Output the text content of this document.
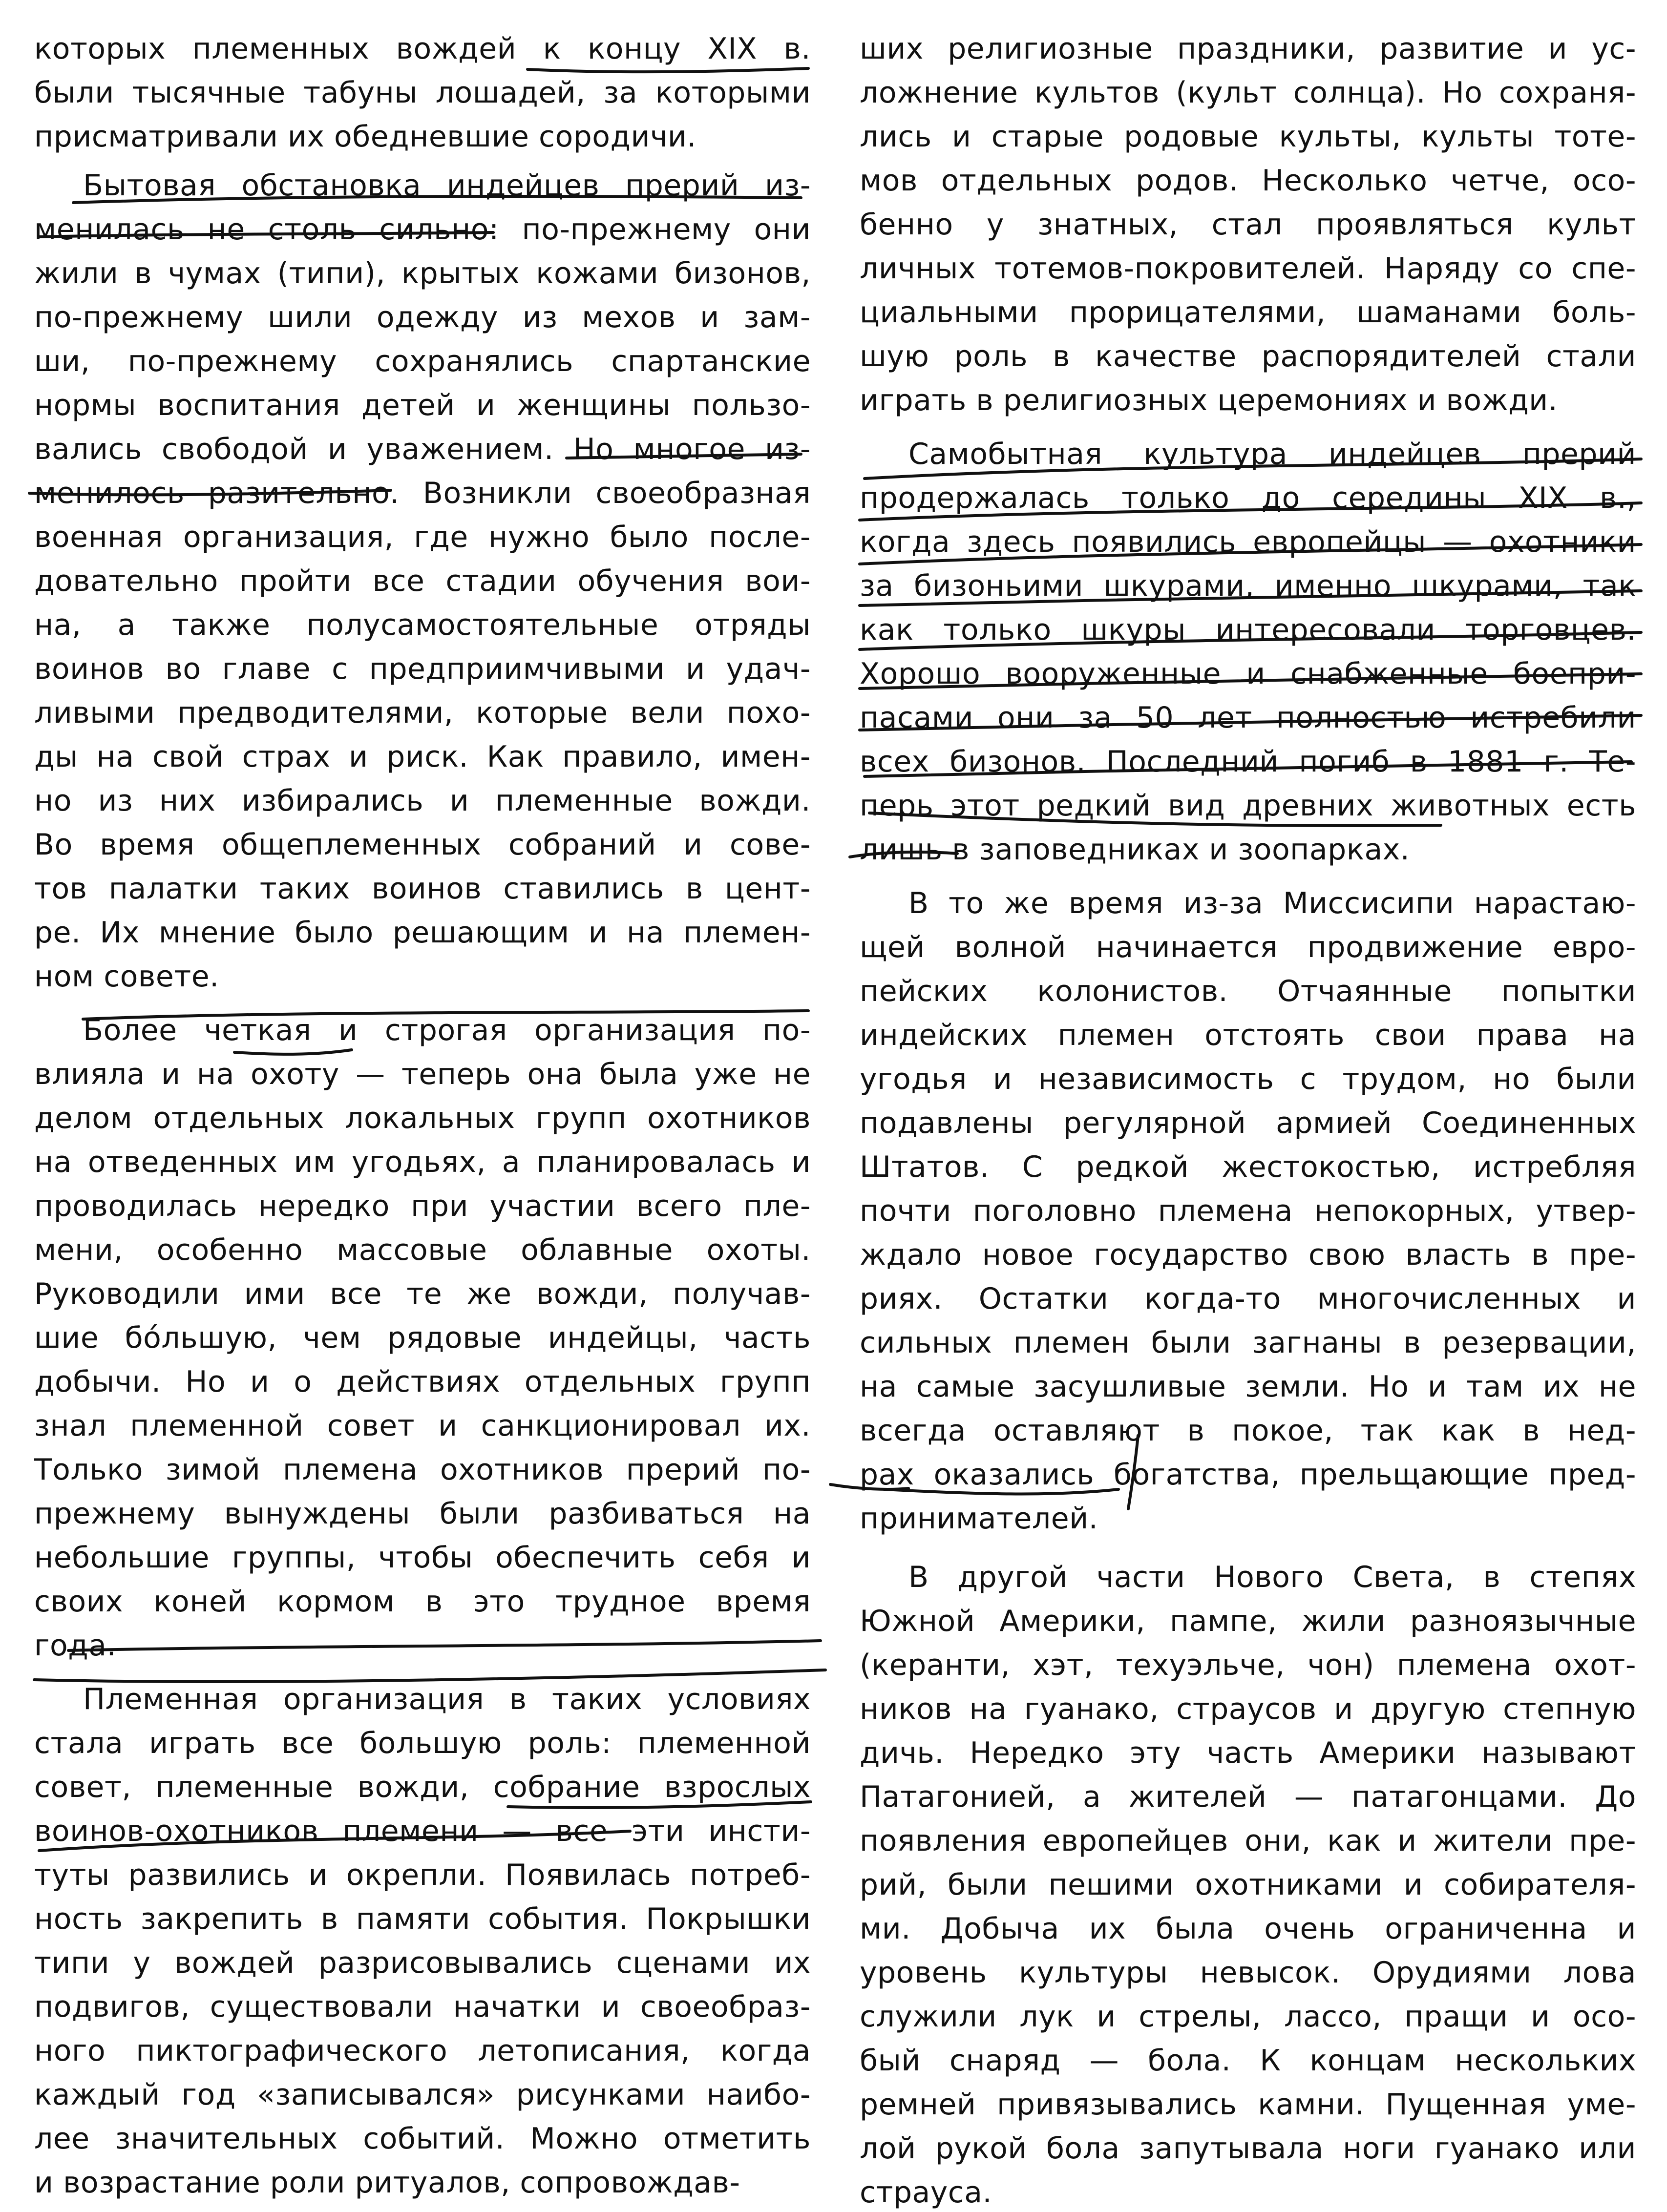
которых племенных вождей к концу XIX в.
были тысячные табуны лошадей, за которыми
присматривали их обедневшие сородичи.
Бытовая обстановка индейцев прерий из-
менилась не столь сильно: по-прежнему они
жили в чумах (типи), крытых кожами бизонов,
по-прежнему шили одежду из мехов и зам-
ши, по-прежнему сохранялись спартанские
нормы воспитания детей и женщины пользо-
вались свободой и уважением. Но многое из-
менилось разительно. Возникли своеобразная
военная организация, где нужно было после-
довательно пройти все стадии обучения вои-
на, а также полусамостоятельные отряды
воинов во главе с предприимчивыми и удач-
ливыми предводителями, которые вели похо-
ды на свой страх и риск. Как правило, имен-
но из них избирались и племенные вожди.
Во время общеплеменных собраний и сове-
тов палатки таких воинов ставились в цент-
ре. Их мнение было решающим и на племен-
ном совете.
Более четкая и строгая организация по-
влияла и на охоту — теперь она была уже не
делом отдельных локальных групп охотников
на отведенных им угодьях, а планировалась и
проводилась нередко при участии всего пле-
мени, особенно массовые облавные охоты.
Руководили ими все те же вожди, получав-
шие бо́льшую, чем рядовые индейцы, часть
добычи. Но и о действиях отдельных групп
знал племенной совет и санкционировал их.
Только зимой племена охотников прерий по-
прежнему вынуждены были разбиваться на
небольшие группы, чтобы обеспечить себя и
своих коней кормом в это трудное время
года.
Племенная организация в таких условиях
стала играть все большую роль: племенной
совет, племенные вожди, собрание взрослых
воинов-охотников племени — все эти инсти-
туты развились и окрепли. Появилась потреб-
ность закрепить в памяти события. Покрышки
типи у вождей разрисовывались сценами их
подвигов, существовали начатки и своеобраз-
ного пиктографического летописания, когда
каждый год «записывался» рисунками наибо-
лее значительных событий. Можно отметить
и возрастание роли ритуалов, сопровождав-
ших религиозные праздники, развитие и ус-
ложнение культов (культ солнца). Но сохраня-
лись и старые родовые культы, культы тоте-
мов отдельных родов. Несколько четче, осо-
бенно у знатных, стал проявляться культ
личных тотемов-покровителей. Наряду со спе-
циальными прорицателями, шаманами боль-
шую роль в качестве распорядителей стали
играть в религиозных церемониях и вожди.
Самобытная культура индейцев прерий
продержалась только до середины XIX в.,
когда здесь появились европейцы — охотники
за бизоньими шкурами, именно шкурами, так
как только шкуры интересовали торговцев.
Хорошо вооруженные и снабженные боепри-
пасами они за 50 лет полностью истребили
всех бизонов. Последний погиб в 1881 г. Те-
перь этот редкий вид древних животных есть
лишь в заповедниках и зоопарках.
В то же время из-за Миссисипи нарастаю-
щей волной начинается продвижение евро-
пейских колонистов. Отчаянные попытки
индейских племен отстоять свои права на
угодья и независимость с трудом, но были
подавлены регулярной армией Соединенных
Штатов. С редкой жестокостью, истребляя
почти поголовно племена непокорных, утвер-
ждало новое государство свою власть в пре-
риях. Остатки когда-то многочисленных и
сильных племен были загнаны в резервации,
на самые засушливые земли. Но и там их не
всегда оставляют в покое, так как в нед-
рах оказались богатства, прельщающие пред-
принимателей.
В другой части Нового Света, в степях
Южной Америки, пампе, жили разноязычные
(керанти, хэт, техуэльче, чон) племена охот-
ников на гуанако, страусов и другую степную
дичь. Нередко эту часть Америки называют
Патагонией, а жителей — патагонцами. До
появления европейцев они, как и жители пре-
рий, были пешими охотниками и собирателя-
ми. Добыча их была очень ограниченна и
уровень культуры невысок. Орудиями лова
служили лук и стрелы, лассо, пращи и осо-
бый снаряд — бола. К концам нескольких
ремней привязывались камни. Пущенная уме-
лой рукой бола запутывала ноги гуанако или
страуса.
